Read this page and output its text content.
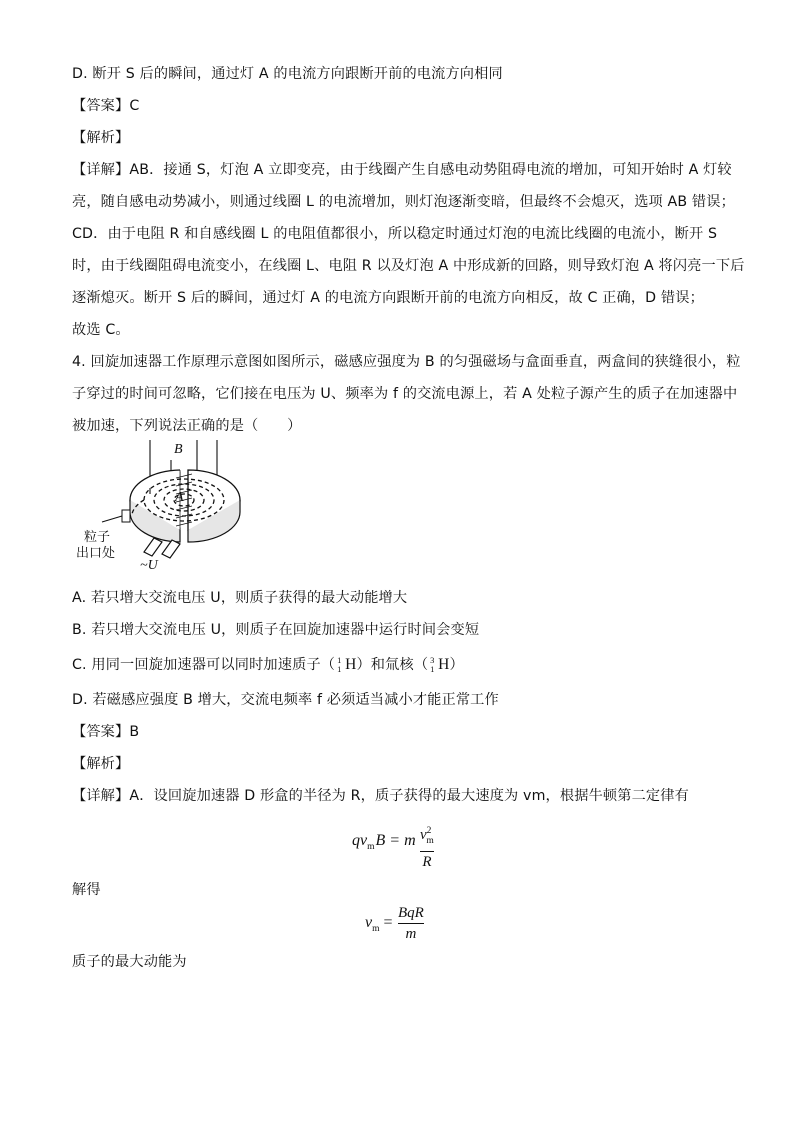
D. 断开 S 后的瞬间，通过灯 A 的电流方向跟断开前的电流方向相同
【答案】C
【解析】
【详解】AB．接通 S，灯泡 A 立即变亮，由于线圈产生自感电动势阻碍电流的增加，可知开始时 A 灯较
亮，随自感电动势减小，则通过线圈 L 的电流增加，则灯泡逐渐变暗，但最终不会熄灭，选项 AB 错误；
CD．由于电阻 R 和自感线圈 L 的电阻值都很小，所以稳定时通过灯泡的电流比线圈的电流小，断开 S
时，由于线圈阻碍电流变小，在线圈 L、电阻 R 以及灯泡 A 中形成新的回路，则导致灯泡 A 将闪亮一下后
逐渐熄灭。断开 S 后的瞬间，通过灯 A 的电流方向跟断开前的电流方向相反，故 C 正确，D 错误；
故选 C。
4. 回旋加速器工作原理示意图如图所示，磁感应强度为 B 的匀强磁场与盒面垂直，两盒间的狭缝很小，粒
子穿过的时间可忽略，它们接在电压为 U、频率为 f 的交流电源上，若 A 处粒子源产生的质子在加速器中
被加速，下列说法正确的是（　　）
B
A
粒子
出口处
~U
A. 若只增大交流电压 U，则质子获得的最大动能增大
B. 若只增大交流电压 U，则质子在回旋加速器中运行时间会变短
C. 用同一回旋加速器可以同时加速质子（ 1
1 H）和氚核（ 3
1 H）
D. 若磁感应强度 B 增大，交流电频率 f 必须适当减小才能正常工作
【答案】B
【解析】
【详解】A．设回旋加速器 D 形盒的半径为 R，质子获得的最大速度为 vm，根据牛顿第二定律有
$qv_mB = m$ $v^2_m$
R
解得
$v_m$ =
BqR
m
质子的最大动能为
